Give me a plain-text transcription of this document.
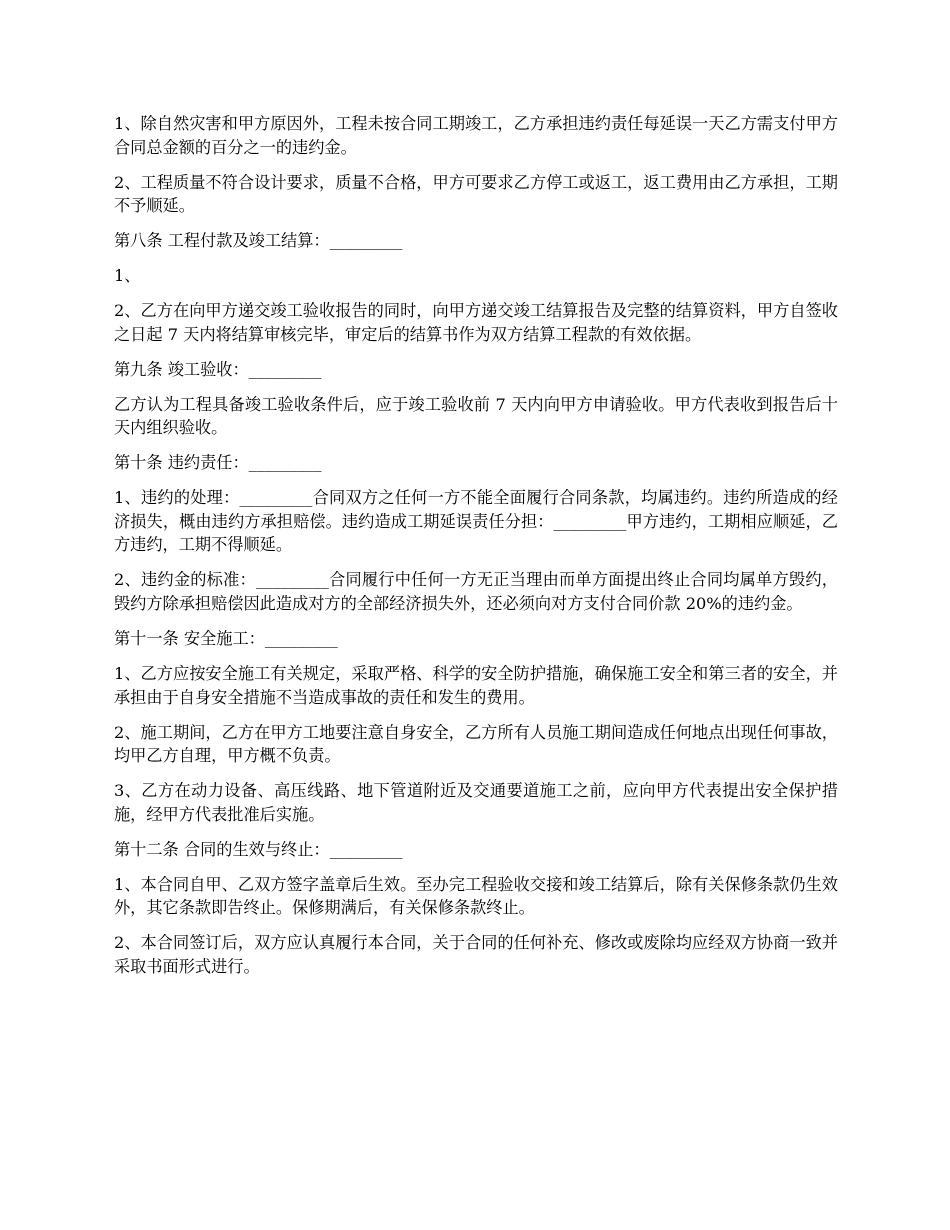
1、除自然灾害和甲方原因外，工程未按合同工期竣工，乙方承担违约责任每延误一天乙方需支付甲方合同总金额的百分之一的违约金。

2、工程质量不符合设计要求，质量不合格，甲方可要求乙方停工或返工，返工费用由乙方承担，工期不予顺延。

第八条 工程付款及竣工结算：_________

1、

2、乙方在向甲方递交竣工验收报告的同时，向甲方递交竣工结算报告及完整的结算资料，甲方自签收之日起 7 天内将结算审核完毕，审定后的结算书作为双方结算工程款的有效依据。

第九条 竣工验收：_________

乙方认为工程具备竣工验收条件后，应于竣工验收前 7 天内向甲方申请验收。甲方代表收到报告后十天内组织验收。

第十条 违约责任：_________

1、违约的处理：_________合同双方之任何一方不能全面履行合同条款，均属违约。违约所造成的经济损失，概由违约方承担赔偿。违约造成工期延误责任分担：_________甲方违约，工期相应顺延，乙方违约，工期不得顺延。

2、违约金的标准：_________合同履行中任何一方无正当理由而单方面提出终止合同均属单方毁约，毁约方除承担赔偿因此造成对方的全部经济损失外，还必须向对方支付合同价款 20%的违约金。

第十一条 安全施工：_________

1、乙方应按安全施工有关规定，采取严格、科学的安全防护措施，确保施工安全和第三者的安全，并承担由于自身安全措施不当造成事故的责任和发生的费用。

2、施工期间，乙方在甲方工地要注意自身安全，乙方所有人员施工期间造成任何地点出现任何事故，均甲乙方自理，甲方概不负责。

3、乙方在动力设备、高压线路、地下管道附近及交通要道施工之前，应向甲方代表提出安全保护措施，经甲方代表批准后实施。

第十二条 合同的生效与终止：_________

1、本合同自甲、乙双方签字盖章后生效。至办完工程验收交接和竣工结算后，除有关保修条款仍生效外，其它条款即告终止。保修期满后，有关保修条款终止。

2、本合同签订后，双方应认真履行本合同，关于合同的任何补充、修改或废除均应经双方协商一致并采取书面形式进行。
